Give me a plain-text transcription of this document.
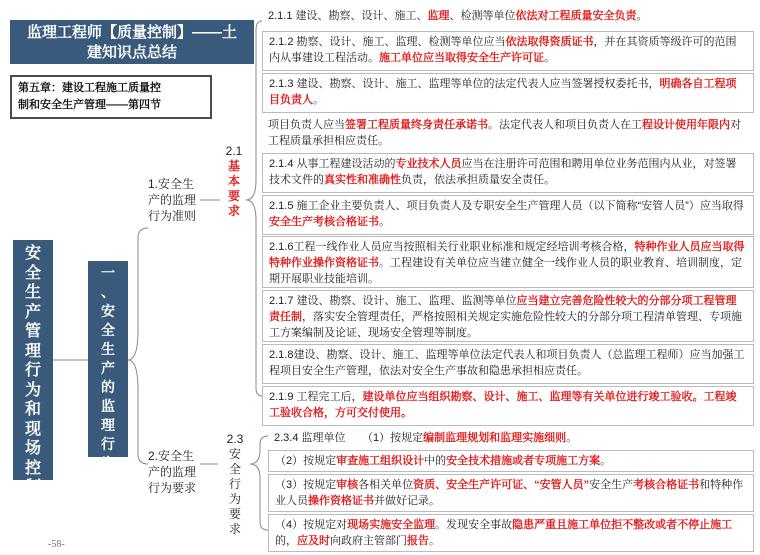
监理工程师【质量控制】——土
建知识点总结
第五章：建设工程施工质量控
制和安全生产管理——第四节
安
全
生
产
管
理
行
为
和
现
场
控
制
一
、
安
全
生
产
的
监
理
行
为
1.安全生
产的监理
行为准则
2.安全生
产的监理
行为要求
2.1
基
本
要
求
2.3
安
全
行
为
要
求
2.1.1 建设、勘察、设计、施工、监理、检测等单位依法对工程质量安全负责。
2.1.2 勘察、设计、施工、监理、检测等单位应当依法取得资质证书，并在其资质等级许可的范围内从事建设工程活动。施工单位应当取得安全生产许可证。
2.1.3 建设、勘察、设计、施工、监理等单位的法定代表人应当签署授权委托书，明确各自工程项目负责人。
项目负责人应当签署工程质量终身责任承诺书。法定代表人和项目负责人在工程设计使用年限内对工程质量承担相应责任。
2.1.4 从事工程建设活动的专业技术人员应当在注册许可范围和聘用单位业务范围内从业，对签署技术文件的真实性和准确性负责，依法承担质量安全责任。
2.1.5 施工企业主要负责人、项目负责人及专职安全生产管理人员（以下简称“安管人员”）应当取得安全生产考核合格证书。
2.1.6工程一线作业人员应当按照相关行业职业标准和规定经培训考核合格，特种作业人员应当取得特种作业操作资格证书。工程建设有关单位应当建立健全一线作业人员的职业教育、培训制度，定期开展职业技能培训。
2.1.7 建设、勘察、设计、施工、监理、监测等单位应当建立完善危险性较大的分部分项工程管理责任制，落实安全管理责任，严格按照相关规定实施危险性较大的分部分项工程清单管理、专项施工方案编制及论证、现场安全管理等制度。
2.1.8建设、勘察、设计、施工、监理等单位法定代表人和项目负责人（总监理工程师）应当加强工程项目安全生产管理，依法对安全生产事故和隐患承担相应责任。
2.1.9 工程完工后，建设单位应当组织勘察、设计、施工、监理等有关单位进行竣工验收。工程竣工验收合格，方可交付使用。
2.3.4 监理单位　　（1）按规定编制监理规划和监理实施细则。
（2）按规定审查施工组织设计中的安全技术措施或者专项施工方案。
（3）按规定审核各相关单位资质、安全生产许可证、“安管人员”安全生产考核合格证书和特种作业人员操作资格证书并做好记录。
（4）按规定对现场实施安全监理。发现安全事故隐患严重且施工单位拒不整改或者不停止施工的，应及时向政府主管部门报告。
-58-
